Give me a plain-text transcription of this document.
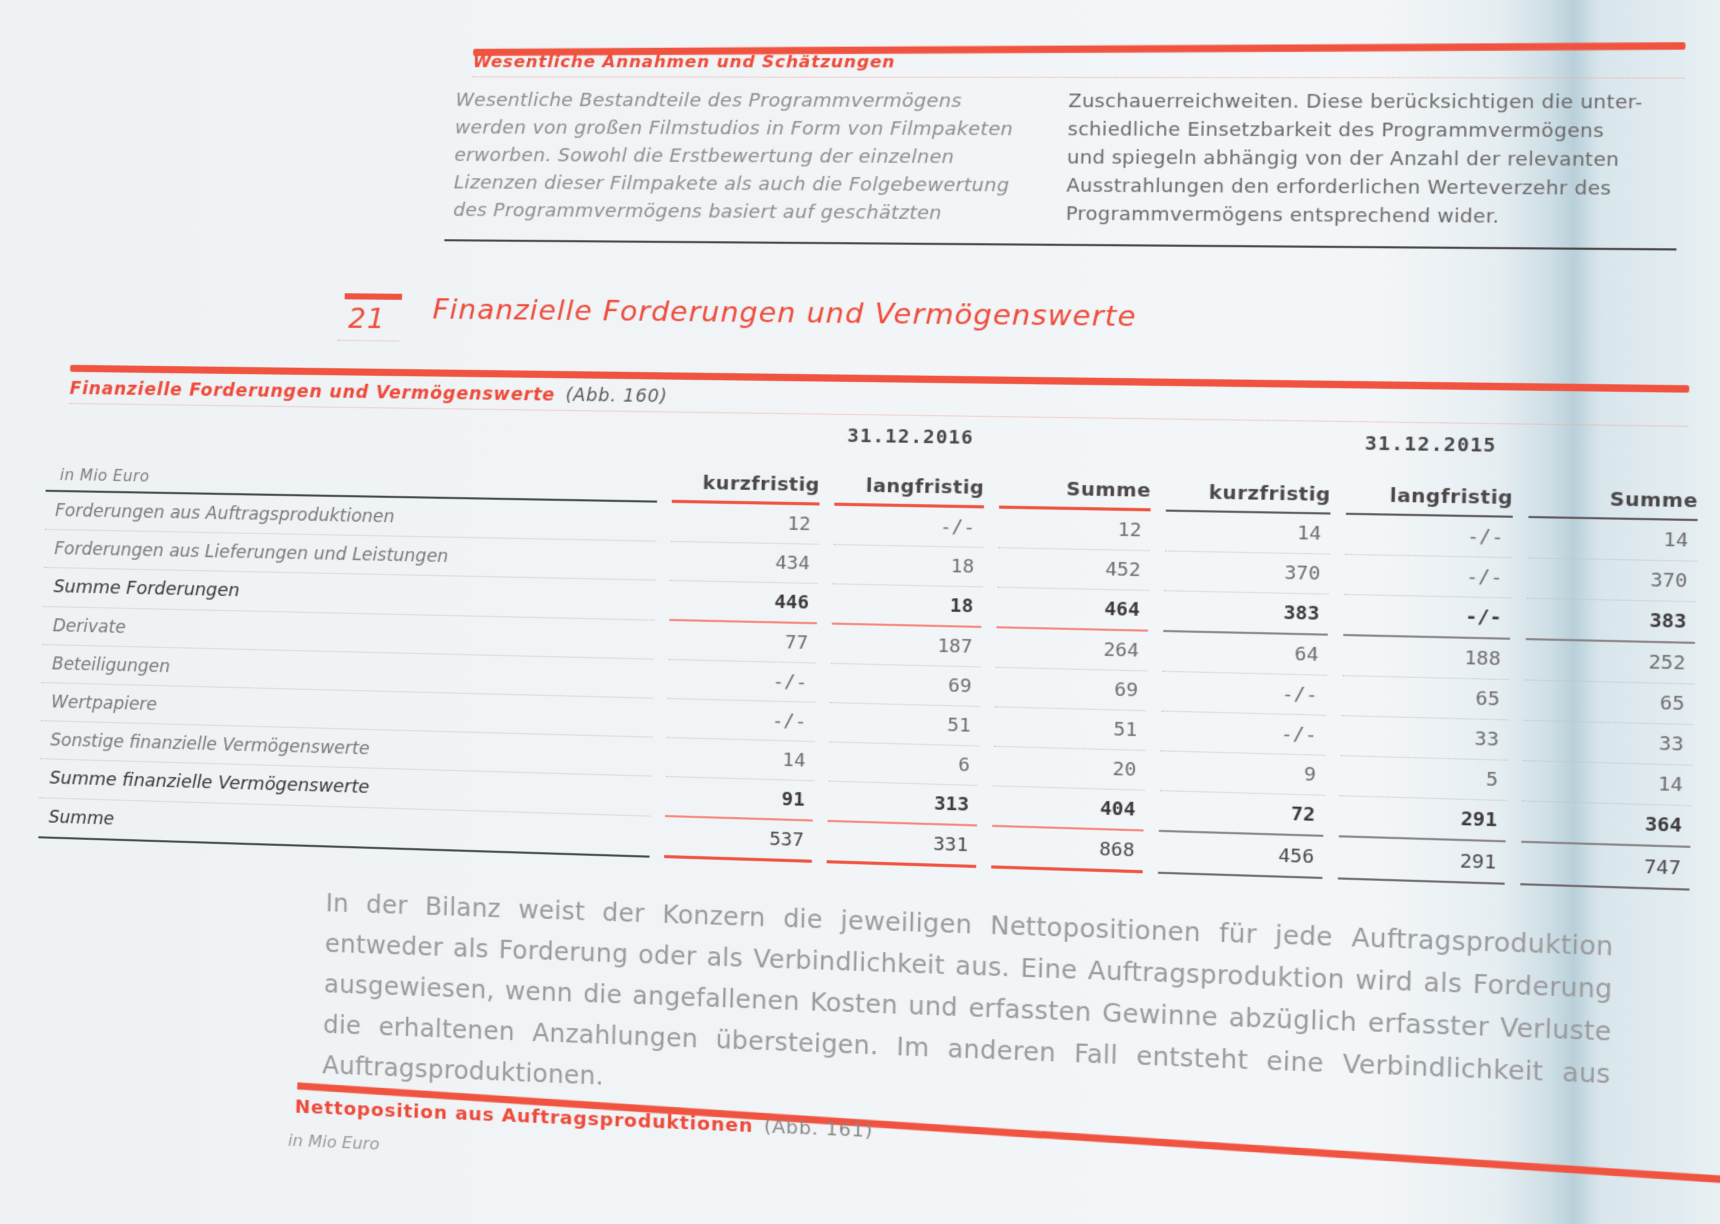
Wesentliche Annahmen und Schätzungen
Wesentliche Bestandteile des Programmvermögens
werden von großen Filmstudios in Form von Filmpaketen
erworben. Sowohl die Erstbewertung der einzelnen
Lizenzen dieser Filmpakete als auch die Folgebewertung
des Programmvermögens basiert auf geschätzten
Zuschauerreichweiten. Diese berücksichtigen die unter-
schiedliche Einsetzbarkeit des Programmvermögens
und spiegeln abhängig von der Anzahl der relevanten
Ausstrahlungen den erforderlichen Werteverzehr des
Programmvermögens entsprechend wider.
21 Finanzielle Forderungen und Vermögenswerte
Finanzielle Forderungen und Vermögenswerte (Abb. 160)
	31.12.2016			31.12.2015		
in Mio Euro	kurzfristig	langfristig	Summe	kurzfristig	langfristig	Summe
Forderungen aus Auftragsproduktionen	12	-/-	12	14	-/-	14
Forderungen aus Lieferungen und Leistungen	434	18	452	370	-/-	370
Summe Forderungen	446	18	464	383	-/-	383
Derivate	77	187	264	64	188	252
Beteiligungen	-/-	69	69	-/-	65	65
Wertpapiere	-/-	51	51	-/-	33	33
Sonstige finanzielle Vermögenswerte	14	6	20	9	5	14
Summe finanzielle Vermögenswerte	91	313	404	72	291	364
Summe	537	331	868	456	291	747
In der Bilanz weist der Konzern die jeweiligen Nettopositionen für jede Auftragsproduktion entweder als Forderung oder als Verbindlichkeit aus. Eine Auftragsproduktion wird als Forderung ausgewiesen, wenn die angefallenen Kosten und erfassten Gewinne abzüglich erfasster Verluste die erhaltenen Anzahlungen übersteigen. Im anderen Fall entsteht eine Verbindlichkeit aus Auftragsproduktionen.
Nettoposition aus Auftragsproduktionen (Abb. 161)
in Mio Euro
